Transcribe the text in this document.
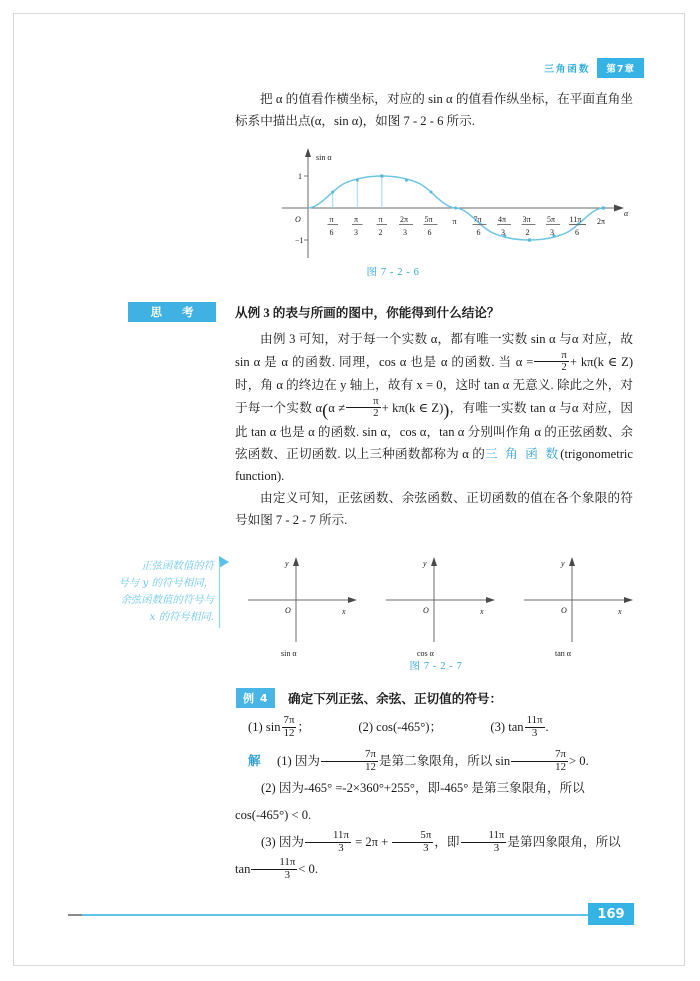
三角函数	第7章

把 α 的值看作横坐标，对应的 sin α 的值看作纵坐标，在平面直角坐标系中描出点(α，sin α)，如图 7 - 2 - 6 所示.

sin α
α
O
1
−1
π
6
π
3
π
2
2π
3
5π
6
π 7π
6
4π
3
3π
2
5π
3
11π
6
2π
图 7 - 2 - 6
思 考	从例 3 的表与所画的图中，你能得到什么结论？

由例 3 可知，对于每一个实数 α，都有唯一实数 sin α 与α 对应，故 sin α 是 α 的函数. 同理，cos α 也是 α 的函数. 当 $\alpha = \frac{\pi}{2} + k\pi(k$ ∈ Z)时，角 α 的终边在 y 轴上，故有 x = 0，这时 tan α 无意义. 除此之外，对于每一个实数 $\alpha(\alpha \ne \frac{\pi}{2} + k\pi(k$ ∈ Z))，有唯一实数 tan α 与α 对应，因此 tan α 也是 α 的函数. sin α，cos α，tan α 分别叫作角 α 的正弦函数、余弦函数、正切函数. 以上三种函数都称为 α 的三 角 函 数(trigonometric function).

由定义可知，正弦函数、余弦函数、正切函数的值在各个象限的符号如图 7 - 2 - 7 所示.

正弦函数值的符
号与 y 的符号相同，
余弦函数值的符号与
x 的符号相同.
O	x
y
sin α
O	x
y
cos α
O	x
y
tan α
图 7 - 2 - 7
例 4	确定下列正弦、余弦、正切值的符号：
(1) $\sin \frac{7\pi}{12}$ ；	(2) cos(-465°)；	(3) $\tan \frac{11\pi}{3}$ .
解	(1) 因为 $\frac{7\pi}{12}$ 是第二象限角，所以 $\sin \frac{7\pi}{12} > 0$.

(2) 因为-465° =-2×360°+255°，即-465° 是第三象限角，所以 cos(-465°) < 0.

(3) 因为 $\frac{11\pi}{3} = 2\pi + \frac{5\pi}{3}$ ，即 $\frac{11\pi}{3}$ 是第四象限角，所以 $\tan \frac{11\pi}{3} < 0$.

169
